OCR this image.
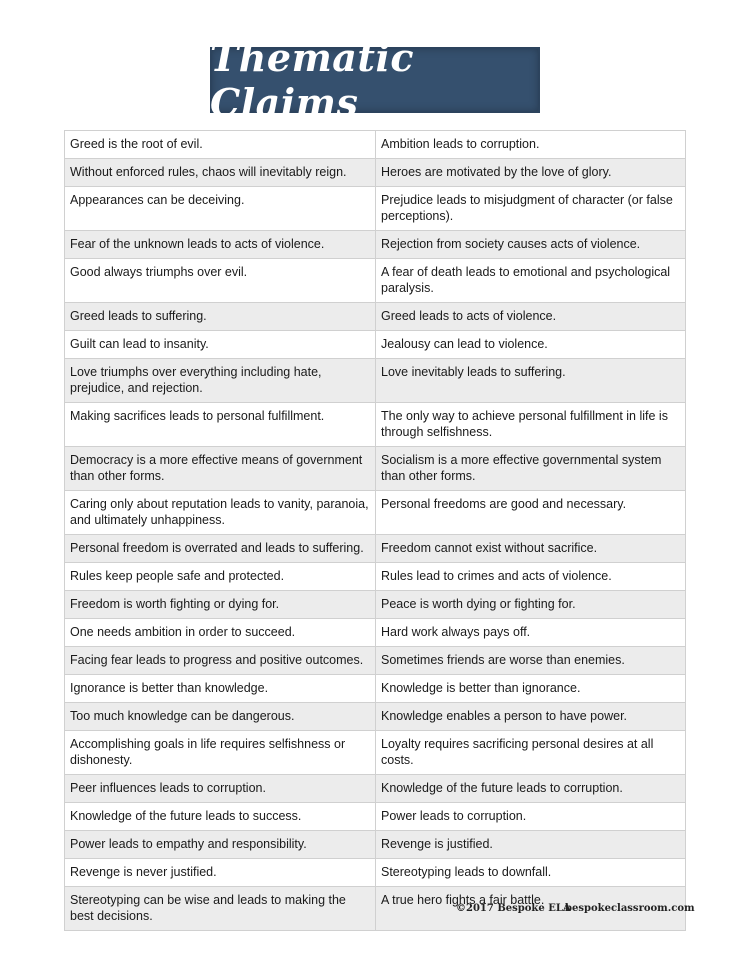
Thematic Claims
Greed is the root of evil.	Ambition leads to corruption.
Without enforced rules, chaos will inevitably reign.	Heroes are motivated by the love of glory.
Appearances can be deceiving.	Prejudice leads to misjudgment of character (or false perceptions).
Fear of the unknown leads to acts of violence.	Rejection from society causes acts of violence.
Good always triumphs over evil.	A fear of death leads to emotional and psychological paralysis.
Greed leads to suffering.	Greed leads to acts of violence.
Guilt can lead to insanity.	Jealousy can lead to violence.
Love triumphs over everything including hate, prejudice, and rejection.	Love inevitably leads to suffering.
Making sacrifices leads to personal fulfillment.	The only way to achieve personal fulfillment in life is through selfishness.
Democracy is a more effective means of government than other forms.	Socialism is a more effective governmental system than other forms.
Caring only about reputation leads to vanity, paranoia, and ultimately unhappiness.	Personal freedoms are good and necessary.
Personal freedom is overrated and leads to suffering.	Freedom cannot exist without sacrifice.
Rules keep people safe and protected.	Rules lead to crimes and acts of violence.
Freedom is worth fighting or dying for.	Peace is worth dying or fighting for.
One needs ambition in order to succeed.	Hard work always pays off.
Facing fear leads to progress and positive outcomes.	Sometimes friends are worse than enemies.
Ignorance is better than knowledge.	Knowledge is better than ignorance.
Too much knowledge can be dangerous.	Knowledge enables a person to have power.
Accomplishing goals in life requires selfishness or dishonesty.	Loyalty requires sacrificing personal desires at all costs.
Peer influences leads to corruption.	Knowledge of the future leads to corruption.
Knowledge of the future leads to success.	Power leads to corruption.
Power leads to empathy and responsibility.	Revenge is justified.
Revenge is never justified.	Stereotyping leads to downfall.
Stereotyping can be wise and leads to making the best decisions.	A true hero fights a fair battle.
©2017 Bespoke ELA
bespokeclassroom.com
